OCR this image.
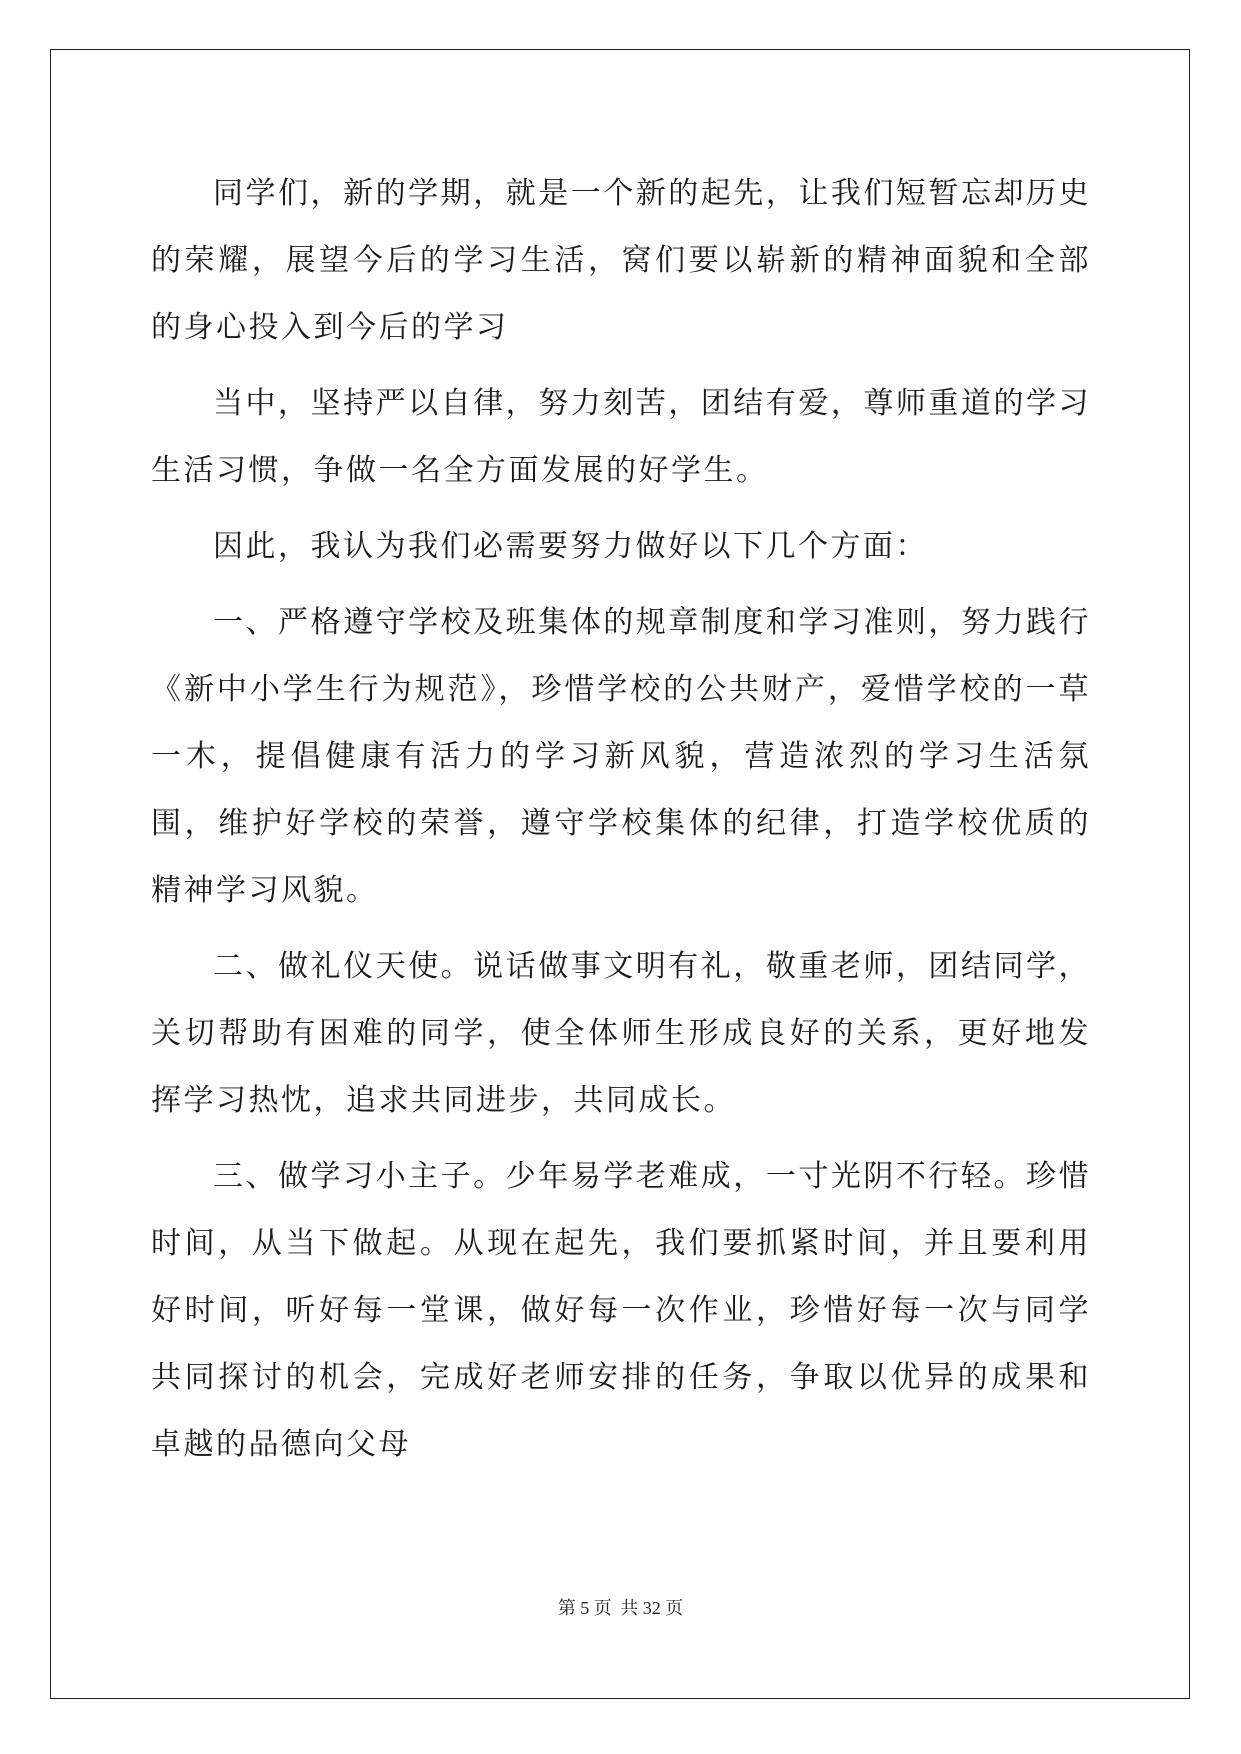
同学们，新的学期，就是一个新的起先，让我们短暂忘却历史的荣耀，展望今后的学习生活，窝们要以崭新的精神面貌和全部的身心投入到今后的学习

当中，坚持严以自律，努力刻苦，团结有爱，尊师重道的学习生活习惯，争做一名全方面发展的好学生。

因此，我认为我们必需要努力做好以下几个方面：

一、严格遵守学校及班集体的规章制度和学习准则，努力践行《新中小学生行为规范》，珍惜学校的公共财产，爱惜学校的一草一木，提倡健康有活力的学习新风貌，营造浓烈的学习生活氛围，维护好学校的荣誉，遵守学校集体的纪律，打造学校优质的精神学习风貌。

二、做礼仪天使。说话做事文明有礼，敬重老师，团结同学，关切帮助有困难的同学，使全体师生形成良好的关系，更好地发挥学习热忱，追求共同进步，共同成长。

三、做学习小主子。少年易学老难成，一寸光阴不行轻。珍惜时间，从当下做起。从现在起先，我们要抓紧时间，并且要利用好时间，听好每一堂课，做好每一次作业，珍惜好每一次与同学共同探讨的机会，完成好老师安排的任务，争取以优异的成果和卓越的品德向父母

第 5 页 共 32 页
